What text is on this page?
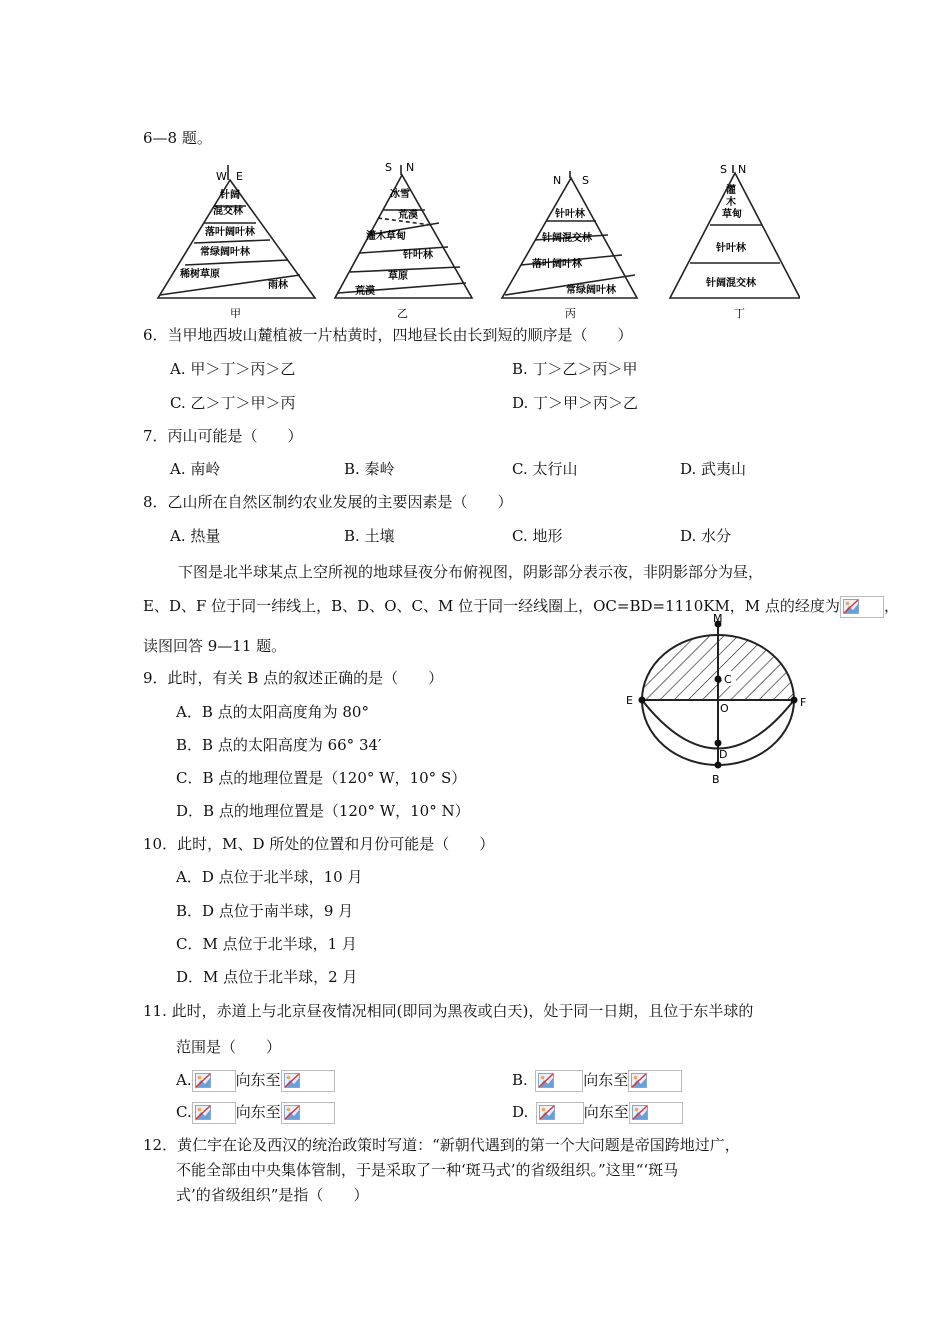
6—8 题。
W E
S N
N S
S N
针阔
混交林
落叶阔叶林
常绿阔叶林
稀树草原
雨林
甲
冰雪
荒漠
灌木草甸
针叶林
草原
荒漠
乙
针叶林
针阔混交林
落叶阔叶林
常绿阔叶林
丙
灌
木
草甸
针叶林
针阔混交林
丁
6．当甲地西坡山麓植被一片枯黄时，四地昼长由长到短的顺序是（　　）
A. 甲＞丁＞丙＞乙	B. 丁＞乙＞丙＞甲
C. 乙＞丁＞甲＞丙	D. 丁＞甲＞丙＞乙
7．丙山可能是（　　）
A. 南岭	B. 秦岭	C. 太行山	D. 武夷山
8．乙山所在自然区制约农业发展的主要因素是（　　）
A. 热量	B. 土壤	C. 地形	D. 水分
下图是北半球某点上空所视的地球昼夜分布俯视图，阴影部分表示夜，非阴影部分为昼，
E、D、F 位于同一纬线上，B、D、O、C、M 位于同一经线圈上，OC=BD=1110KM，M 点的经度为	，
读图回答 9—11 题。
M
C
E
O	F
D
B
9．此时，有关 B 点的叙述正确的是（　　）
A．B 点的太阳高度角为 80°
B．B 点的太阳高度为 66° 34′
C．B 点的地理位置是（120° W，10° S）
D．B 点的地理位置是（120° W，10° N）
10．此时，M、D 所处的位置和月份可能是（　　）
A．D 点位于北半球，10 月
B．D 点位于南半球，9 月
C．M 点位于北半球，1 月
D．M 点位于北半球，2 月
11. 此时，赤道上与北京昼夜情况相同(即同为黑夜或白天)，处于同一日期，且位于东半球的
范围是（　　）
A.	向东至	B. 	向东至
C.	向东至	D. 	向东至
12．黄仁宇在论及西汉的统治政策时写道：“新朝代遇到的第一个大问题是帝国跨地过广，
不能全部由中央集体管制，于是采取了一种‘斑马式’的省级组织。”这里“‘斑马
式’的省级组织”是指（　　）
